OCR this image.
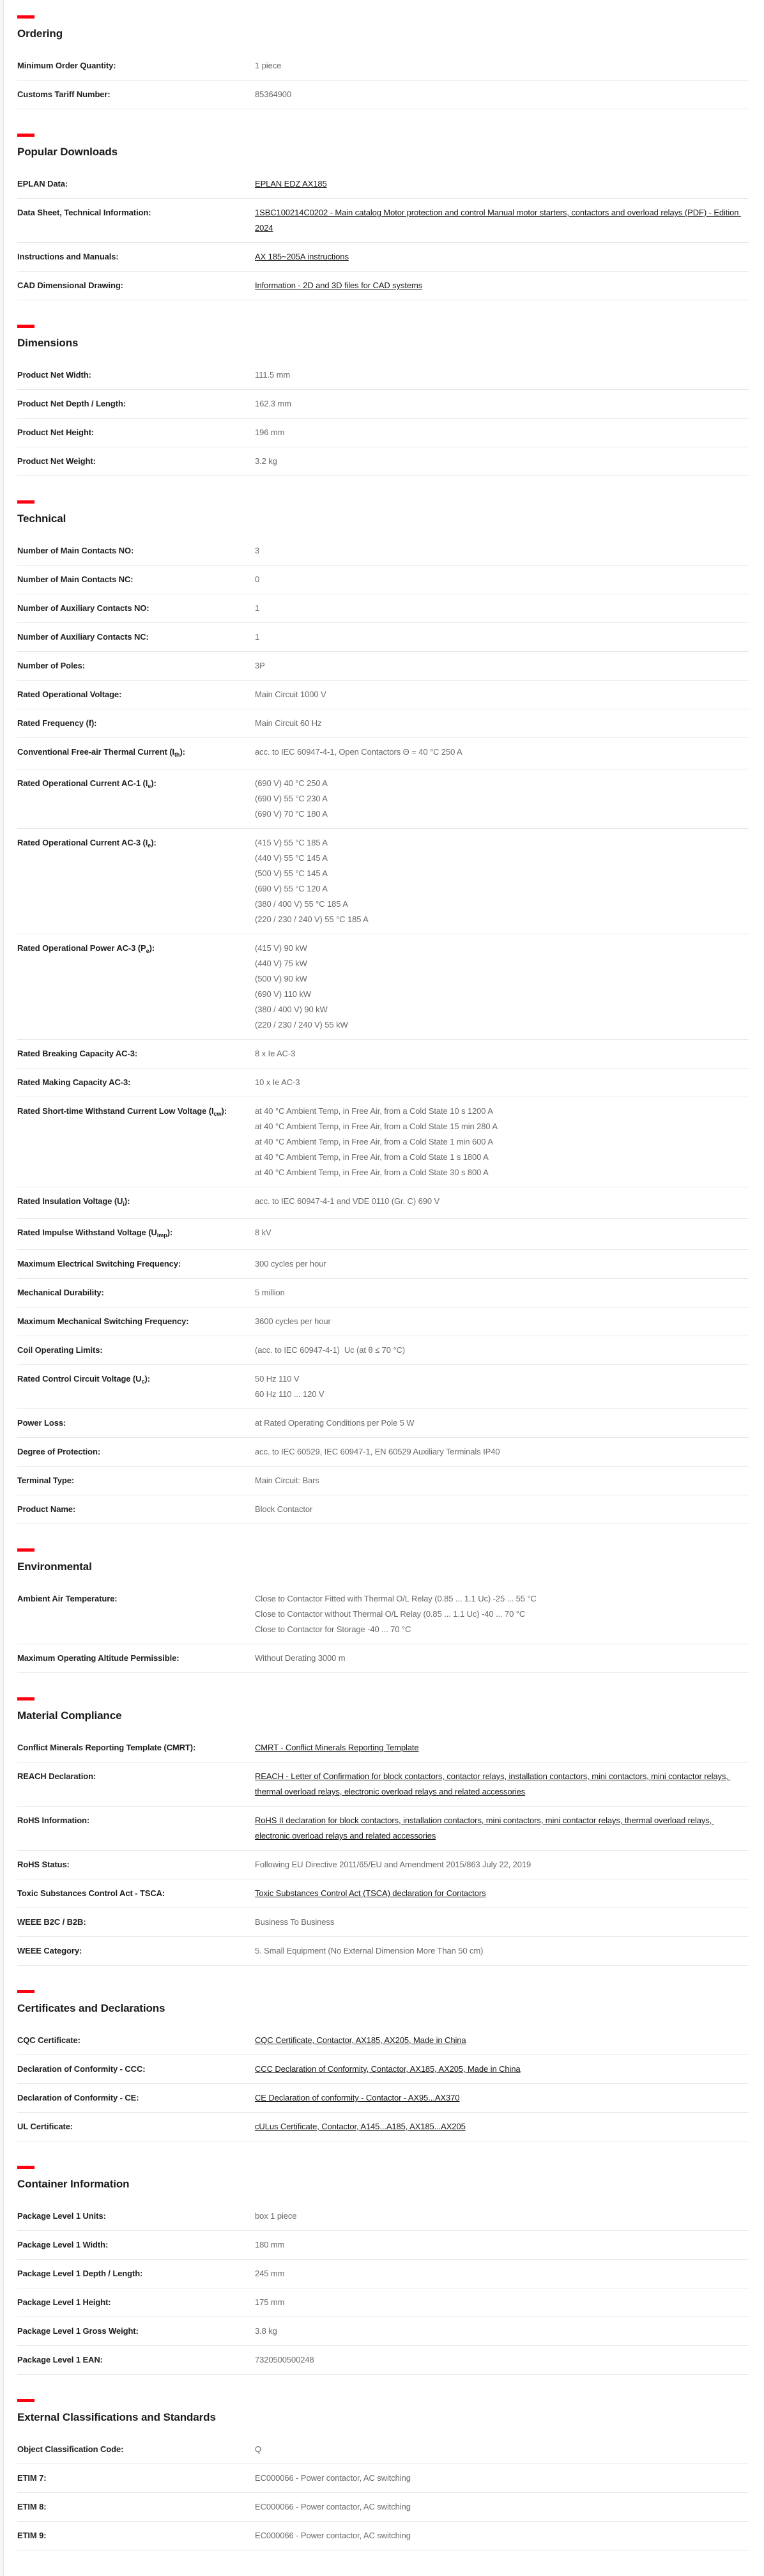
Ordering
Minimum Order Quantity:	1 piece
Customs Tariff Number:	85364900
Popular Downloads
EPLAN Data:	EPLAN EDZ AX185
Data Sheet, Technical Information:	1SBC100214C0202 - Main catalog Motor protection and control Manual motor starters, contactors and overload relays (PDF) - Edition 2024
Instructions and Manuals:	AX 185~205A instructions
CAD Dimensional Drawing:	Information - 2D and 3D files for CAD systems
Dimensions
Product Net Width:	111.5 mm
Product Net Depth / Length:	162.3 mm
Product Net Height:	196 mm
Product Net Weight:	3.2 kg
Technical
Number of Main Contacts NO:	3
Number of Main Contacts NC:	0
Number of Auxiliary Contacts NO:	1
Number of Auxiliary Contacts NC:	1
Number of Poles:	3P
Rated Operational Voltage:	Main Circuit 1000 V
Rated Frequency (f):	Main Circuit 60 Hz
Conventional Free-air Thermal Current $(I_{th})$:	acc. to IEC 60947-4-1, Open Contactors Θ = 40 °C 250 A
Rated Operational Current AC-1 $(I_e)$:	(690 V) 40 °C 250 A
(690 V) 55 °C 230 A
(690 V) 70 °C 180 A
Rated Operational Current AC-3 $(I_e)$:	(415 V) 55 °C 185 A
(440 V) 55 °C 145 A
(500 V) 55 °C 145 A
(690 V) 55 °C 120 A
(380 / 400 V) 55 °C 185 A
(220 / 230 / 240 V) 55 °C 185 A
Rated Operational Power AC-3 $(P_e)$:	(415 V) 90 kW
(440 V) 75 kW
(500 V) 90 kW
(690 V) 110 kW
(380 / 400 V) 90 kW
(220 / 230 / 240 V) 55 kW
Rated Breaking Capacity AC-3:	8 x Ie AC-3
Rated Making Capacity AC-3:	10 x Ie AC-3
Rated Short-time Withstand Current Low Voltage $(I_{cw})$:	at 40 °C Ambient Temp, in Free Air, from a Cold State 10 s 1200 A
at 40 °C Ambient Temp, in Free Air, from a Cold State 15 min 280 A
at 40 °C Ambient Temp, in Free Air, from a Cold State 1 min 600 A
at 40 °C Ambient Temp, in Free Air, from a Cold State 1 s 1800 A
at 40 °C Ambient Temp, in Free Air, from a Cold State 30 s 800 A
Rated Insulation Voltage $(U_i)$:	acc. to IEC 60947-4-1 and VDE 0110 (Gr. C) 690 V
Rated Impulse Withstand Voltage $(U_{imp})$:	8 kV
Maximum Electrical Switching Frequency:	300 cycles per hour
Mechanical Durability:	5 million
Maximum Mechanical Switching Frequency:	3600 cycles per hour
Coil Operating Limits:	(acc. to IEC 60947-4-1)  Uc (at θ ≤ 70 °C)
Rated Control Circuit Voltage $(U_c)$:	50 Hz 110 V
60 Hz 110 ... 120 V
Power Loss:	at Rated Operating Conditions per Pole 5 W
Degree of Protection:	acc. to IEC 60529, IEC 60947-1, EN 60529 Auxiliary Terminals IP40
Terminal Type:	Main Circuit: Bars
Product Name:	Block Contactor
Environmental
Ambient Air Temperature:	Close to Contactor Fitted with Thermal O/L Relay (0.85 ... 1.1 Uc) -25 ... 55 °C
Close to Contactor without Thermal O/L Relay (0.85 ... 1.1 Uc) -40 ... 70 °C
Close to Contactor for Storage -40 ... 70 °C
Maximum Operating Altitude Permissible:	Without Derating 3000 m
Material Compliance
Conflict Minerals Reporting Template (CMRT):	CMRT - Conflict Minerals Reporting Template
REACH Declaration:	REACH - Letter of Confirmation for block contactors, contactor relays, installation contactors, mini contactors, mini contactor relays, thermal overload relays, electronic overload relays and related accessories
RoHS Information:	RoHS II declaration for block contactors, installation contactors, mini contactors, mini contactor relays, thermal overload relays, electronic overload relays and related accessories
RoHS Status:	Following EU Directive 2011/65/EU and Amendment 2015/863 July 22, 2019
Toxic Substances Control Act - TSCA:	Toxic Substances Control Act (TSCA) declaration for Contactors
WEEE B2C / B2B:	Business To Business
WEEE Category:	5. Small Equipment (No External Dimension More Than 50 cm)
Certificates and Declarations
CQC Certificate:	CQC Certificate, Contactor, AX185, AX205, Made in China
Declaration of Conformity - CCC:	CCC Declaration of Conformity, Contactor, AX185, AX205, Made in China
Declaration of Conformity - CE:	CE Declaration of conformity - Contactor - AX95...AX370
UL Certificate:	cULus Certificate, Contactor, A145...A185, AX185...AX205
Container Information
Package Level 1 Units:	box 1 piece
Package Level 1 Width:	180 mm
Package Level 1 Depth / Length:	245 mm
Package Level 1 Height:	175 mm
Package Level 1 Gross Weight:	3.8 kg
Package Level 1 EAN:	7320500500248
External Classifications and Standards
Object Classification Code:	Q
ETIM 7:	EC000066 - Power contactor, AC switching
ETIM 8:	EC000066 - Power contactor, AC switching
ETIM 9:	EC000066 - Power contactor, AC switching
